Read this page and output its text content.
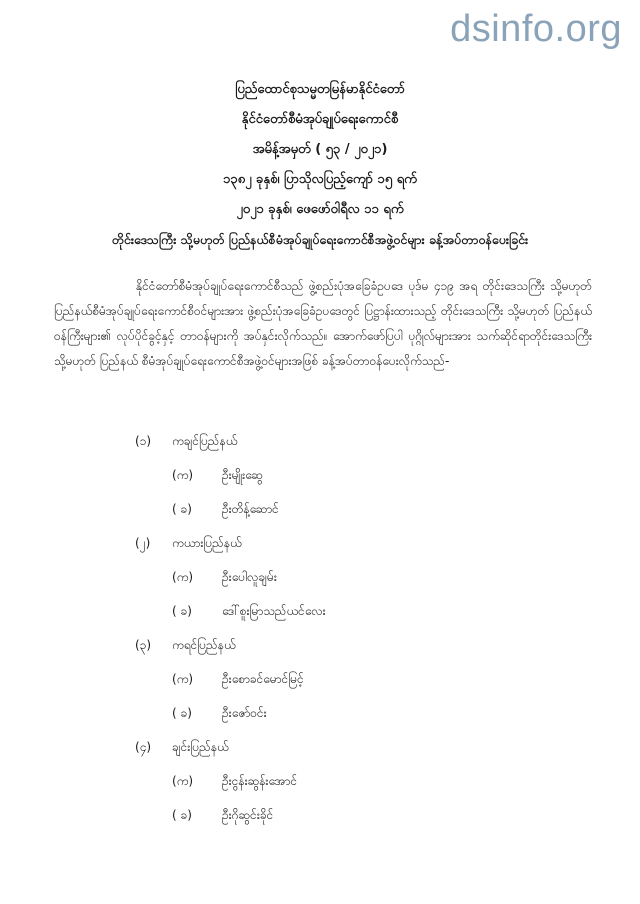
dsinfo.org
ပြည်ထောင်စုသမ္မတမြန်မာနိုင်ငံတော်
နိုင်ငံတော်စီမံအုပ်ချုပ်ရေးကောင်စီ
အမိန့်အမှတ် ( ၅၃ / ၂၀၂၁)
၁၃၈၂ ခုနှစ်၊ ပြာသိုလပြည့်ကျော် ၁၅ ရက်
၂၀၂၁ ခုနှစ်၊ ဖေဖော်ဝါရီလ ၁၁ ရက်
တိုင်းဒေသကြီး သို့မဟုတ် ပြည်နယ်စီမံအုပ်ချုပ်ရေးကောင်စီအဖွဲ့ဝင်များ ခန့်အပ်တာဝန်ပေးခြင်း
နိုင်ငံတော်စီမံအုပ်ချုပ်ရေးကောင်စီသည် ဖွဲ့စည်းပုံအခြေခံဥပဒေ ပုဒ်မ ၄၁၉ အရ တိုင်းဒေသကြီး သို့မဟုတ် ပြည်နယ်စီမံအုပ်ချုပ်ရေးကောင်စီဝင်များအား ဖွဲ့စည်းပုံအခြေခံဥပဒေတွင် ပြဋ္ဌာန်းထားသည့် တိုင်းဒေသကြီး သို့မဟုတ် ပြည်နယ်ဝန်ကြီးများ၏ လုပ်ပိုင်ခွင့်နှင့် တာဝန်များကို အပ်နှင်းလိုက်သည်။ အောက်ဖော်ပြပါ ပုဂ္ဂိုလ်များအား သက်ဆိုင်ရာတိုင်းဒေသကြီး သို့မဟုတ် ပြည်နယ် စီမံအုပ်ချုပ်ရေးကောင်စီအဖွဲ့ဝင်များအဖြစ် ခန့်အပ်တာဝန်ပေးလိုက်သည်-
(၁) ကချင်ပြည်နယ်
(က) ဦးမျိုးဆွေ
( ခ)	ဦးတိန့်ဆောင်
(၂) ကယားပြည်နယ်
(က) ဦးပေါလူချမ်း
( ခ)	ဒေါ်စူးမြာသည်ယင်လေး
(၃) ကရင်ပြည်နယ်
(က) ဦးစောခင်မောင်မြင့်
( ခ)	ဦးဇော်ဝင်း
(၄) ချင်းပြည်နယ်
(က) ဦးငွန်းဆွန်းအောင်
( ခ)	ဦးဂိုဆွင်းခိုင်
